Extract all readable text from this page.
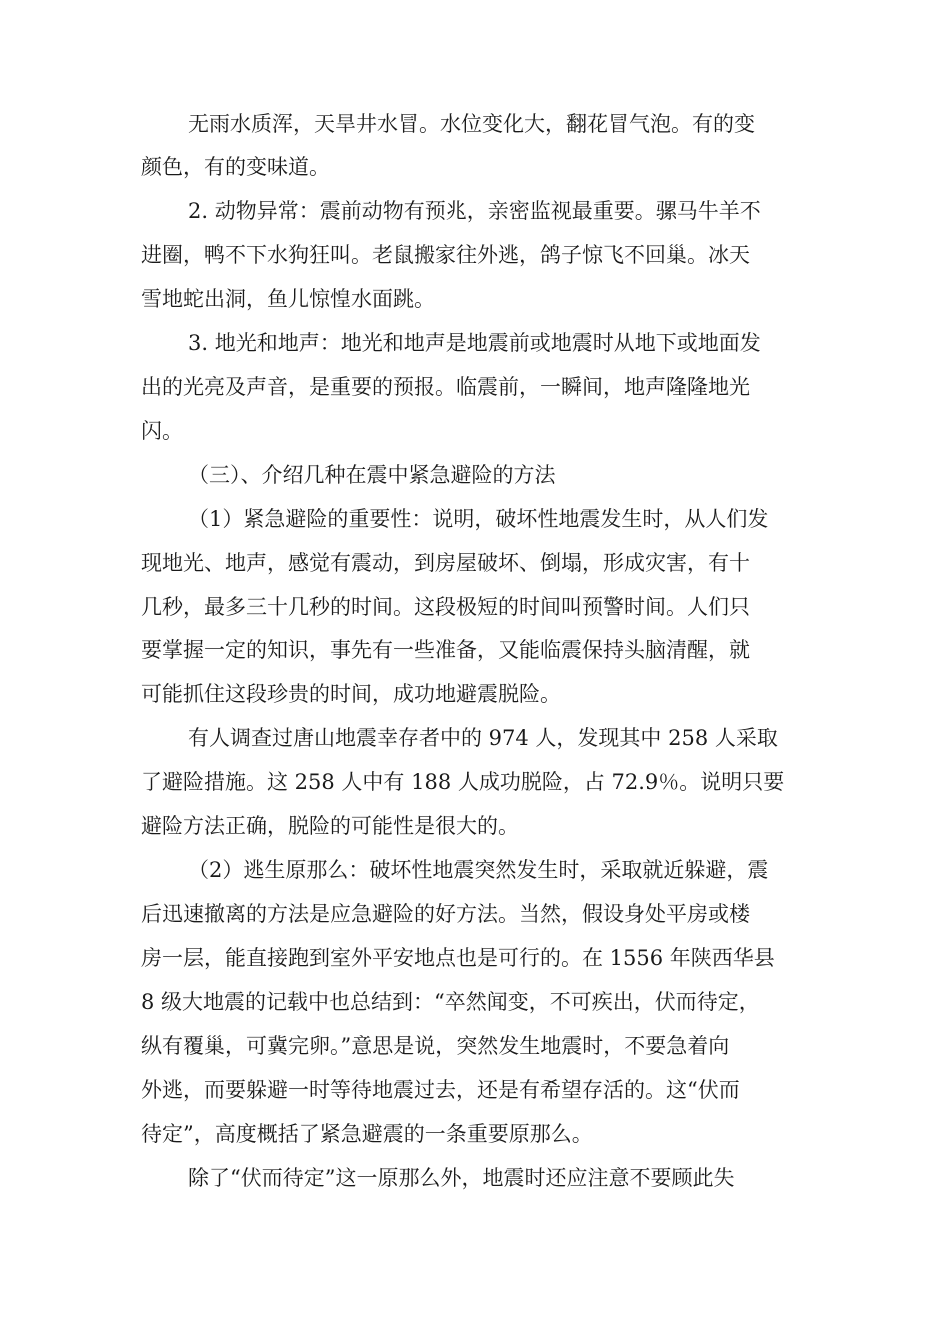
无雨水质浑，天旱井水冒。水位变化大，翻花冒气泡。有的变
颜色，有的变味道。
2. 动物异常：震前动物有预兆，亲密监视最重要。骡马牛羊不
进圈，鸭不下水狗狂叫。老鼠搬家往外逃，鸽子惊飞不回巢。冰天
雪地蛇出洞，鱼儿惊惶水面跳。
3. 地光和地声：地光和地声是地震前或地震时从地下或地面发
出的光亮及声音，是重要的预报。临震前，一瞬间，地声隆隆地光
闪。
（三）、介绍几种在震中紧急避险的方法
（1）紧急避险的重要性：说明，破坏性地震发生时，从人们发
现地光、地声，感觉有震动，到房屋破坏、倒塌，形成灾害，有十
几秒，最多三十几秒的时间。这段极短的时间叫预警时间。人们只
要掌握一定的知识，事先有一些准备，又能临震保持头脑清醒，就
可能抓住这段珍贵的时间，成功地避震脱险。
有人调查过唐山地震幸存者中的 974 人，发现其中 258 人采取
了避险措施。这 258 人中有 188 人成功脱险，占 72.9％。说明只要
避险方法正确，脱险的可能性是很大的。
（2）逃生原那么：破坏性地震突然发生时，采取就近躲避，震
后迅速撤离的方法是应急避险的好方法。当然，假设身处平房或楼
房一层，能直接跑到室外平安地点也是可行的。在 1556 年陕西华县
8 级大地震的记载中也总结到：“卒然闻变，不可疾出，伏而待定，
纵有覆巢，可冀完卵。”意思是说，突然发生地震时，不要急着向
外逃，而要躲避一时等待地震过去，还是有希望存活的。这“伏而
待定”，高度概括了紧急避震的一条重要原那么。
除了“伏而待定”这一原那么外，地震时还应注意不要顾此失
